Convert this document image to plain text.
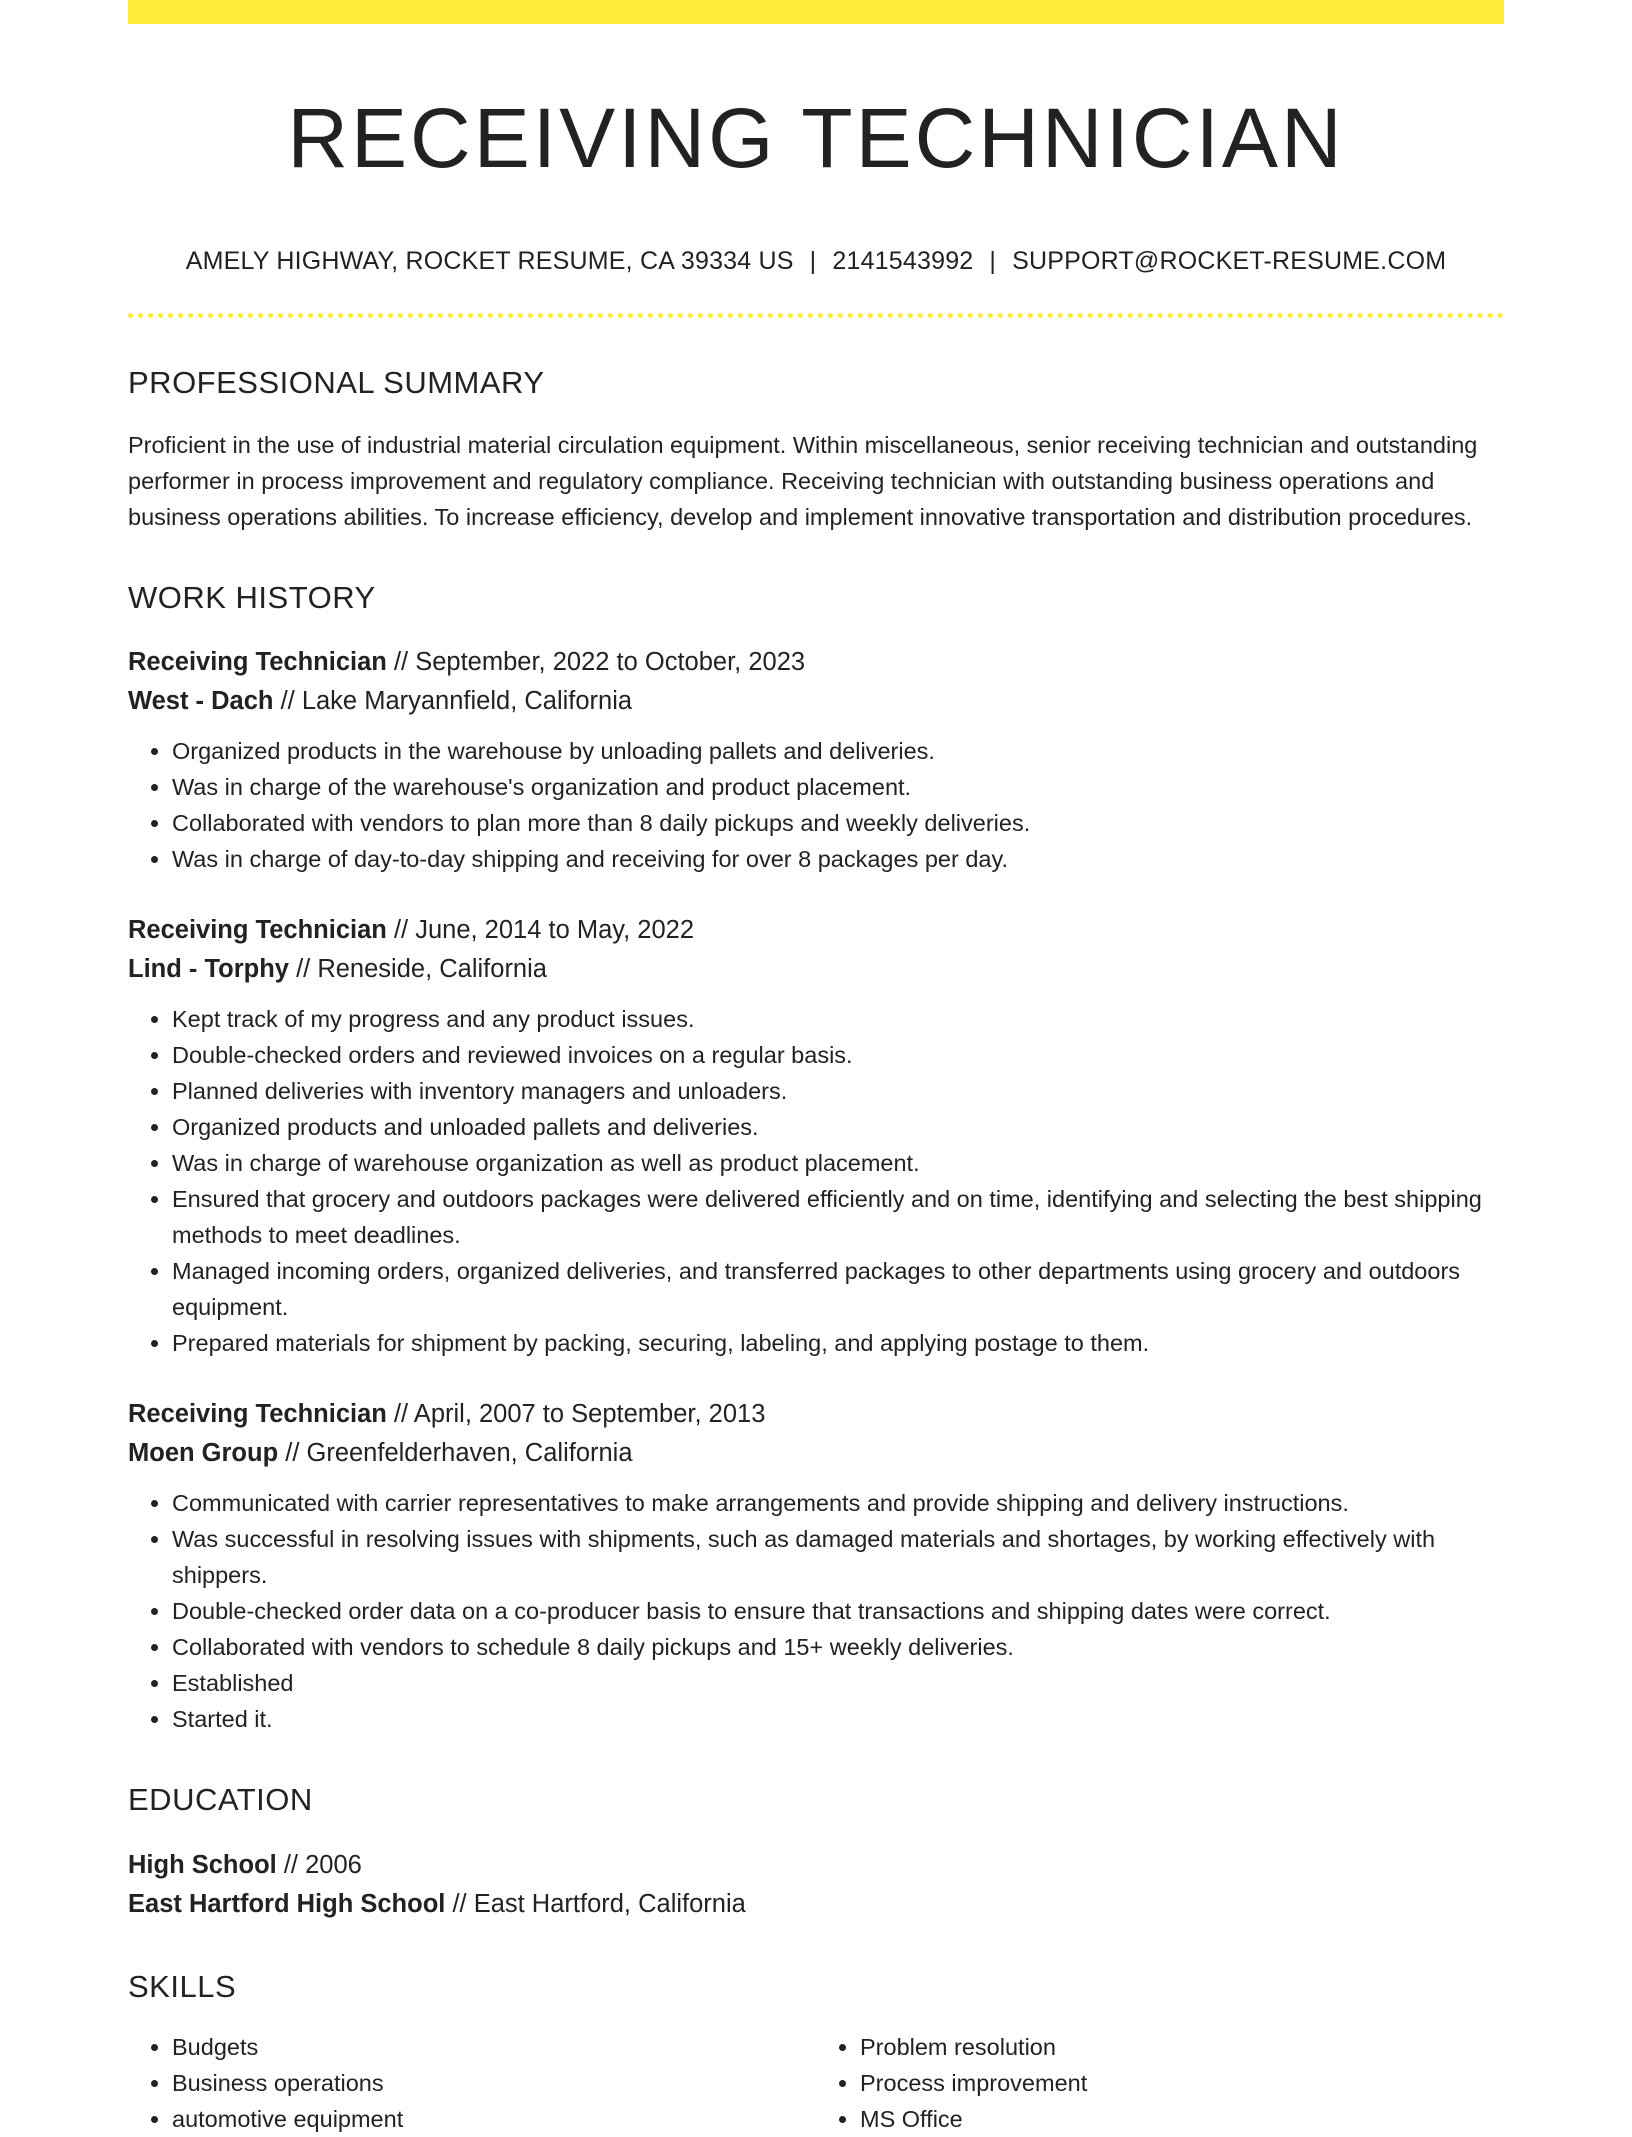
RECEIVING TECHNICIAN
AMELY HIGHWAY, ROCKET RESUME, CA 39334 US | 2141543992 | SUPPORT@ROCKET-RESUME.COM
PROFESSIONAL SUMMARY

Proficient in the use of industrial material circulation equipment. Within miscellaneous, senior receiving technician and outstanding performer in process improvement and regulatory compliance. Receiving technician with outstanding business operations and business operations abilities. To increase efficiency, develop and implement innovative transportation and distribution procedures.

WORK HISTORY
Receiving Technician // September, 2022 to October, 2023
West - Dach // Lake Maryannfield, California
• Organized products in the warehouse by unloading pallets and deliveries.
• Was in charge of the warehouse's organization and product placement.
• Collaborated with vendors to plan more than 8 daily pickups and weekly deliveries.
• Was in charge of day-to-day shipping and receiving for over 8 packages per day.
Receiving Technician // June, 2014 to May, 2022
Lind - Torphy // Reneside, California
• Kept track of my progress and any product issues.
• Double-checked orders and reviewed invoices on a regular basis.
• Planned deliveries with inventory managers and unloaders.
• Organized products and unloaded pallets and deliveries.
• Was in charge of warehouse organization as well as product placement.
• Ensured that grocery and outdoors packages were delivered efficiently and on time, identifying and selecting the best shipping methods to meet deadlines.
• Managed incoming orders, organized deliveries, and transferred packages to other departments using grocery and outdoors equipment.
• Prepared materials for shipment by packing, securing, labeling, and applying postage to them.
Receiving Technician // April, 2007 to September, 2013
Moen Group // Greenfelderhaven, California
• Communicated with carrier representatives to make arrangements and provide shipping and delivery instructions.
• Was successful in resolving issues with shipments, such as damaged materials and shortages, by working effectively with shippers.
• Double-checked order data on a co-producer basis to ensure that transactions and shipping dates were correct.
• Collaborated with vendors to schedule 8 daily pickups and 15+ weekly deliveries.
• Established
• Started it.
EDUCATION
High School // 2006
East Hartford High School // East Hartford, California
SKILLS
• Budgets
• Business operations
• automotive equipment
• Problem resolution
• Process improvement
• MS Office
